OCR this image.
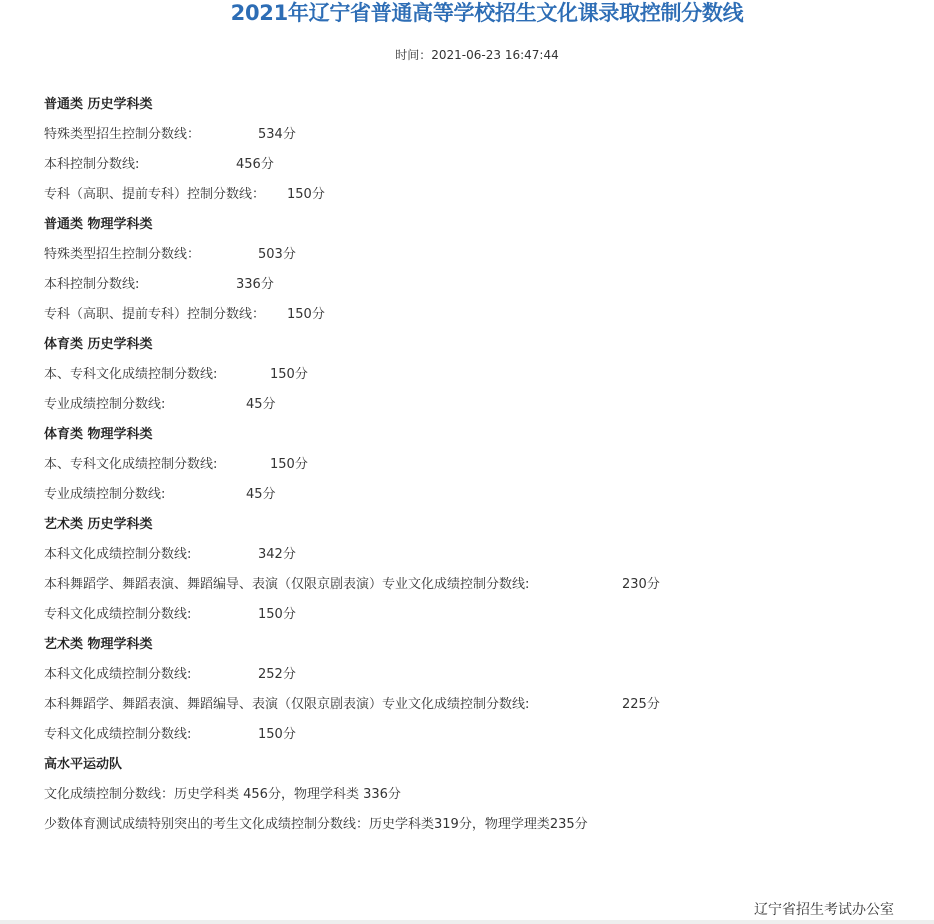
2021年辽宁省普通高等学校招生文化课录取控制分数线
时间：2021-06-23 16:47:44
普通类 历史学科类
特殊类型招生控制分数线：	534分
本科控制分数线:	456分
专科（高职、提前专科）控制分数线： 150分
普通类 物理学科类
特殊类型招生控制分数线：	503分
本科控制分数线:	336分
专科（高职、提前专科）控制分数线： 150分
体育类 历史学科类
本、专科文化成绩控制分数线:	150分
专业成绩控制分数线:	45分
体育类 物理学科类
本、专科文化成绩控制分数线:	150分
专业成绩控制分数线:	45分
艺术类 历史学科类
本科文化成绩控制分数线:	342分
本科舞蹈学、舞蹈表演、舞蹈编导、表演（仅限京剧表演）专业文化成绩控制分数线:	230分
专科文化成绩控制分数线:	150分
艺术类 物理学科类
本科文化成绩控制分数线:	252分
本科舞蹈学、舞蹈表演、舞蹈编导、表演（仅限京剧表演）专业文化成绩控制分数线:	225分
专科文化成绩控制分数线:	150分
高水平运动队
文化成绩控制分数线：历史学科类 456分，物理学科类 336分
少数体育测试成绩特别突出的考生文化成绩控制分数线：历史学科类319分，物理学理类235分
辽宁省招生考试办公室
